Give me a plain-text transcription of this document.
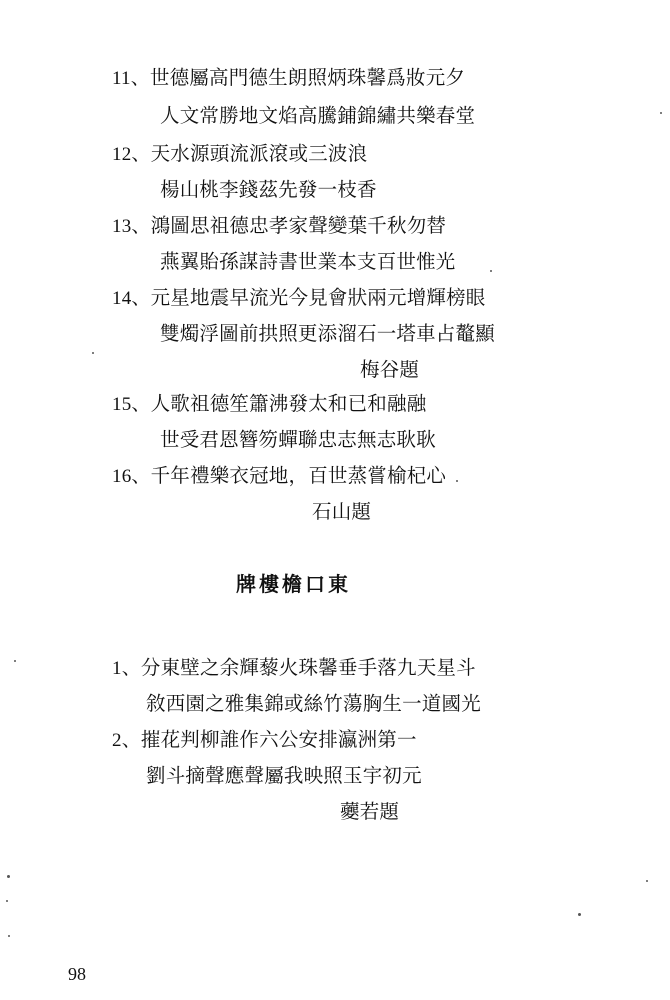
11、世德屬高門德生朗照炳珠馨爲妝元夕
人文常勝地文焰高騰鋪錦繡共樂春堂
12、天水源頭流派滾或三波浪
楊山桃李錢茲先發一枝香
13、鴻圖思祖德忠孝家聲變葉千秋勿替
燕翼貽孫謀詩書世業本支百世惟光
14、元星地震早流光今見會狀兩元增輝榜眼
雙燭浮圖前拱照更添溜石一塔車占鼇顯
梅谷題
15、人歌祖德笙簫沸發太和已和融融
世受君恩簪笏蟬聯忠志無志耿耿
16、千年禮樂衣冠地，百世蒸嘗榆杞心
石山題
牌樓檐口東
1、分東壁之余輝藜火珠馨垂手落九天星斗
敘西園之雅集錦或絲竹蕩胸生一道國光
2、摧花判柳誰作六公安排瀛洲第一
劉斗摘聲應聲屬我映照玉宇初元
虁若題
98
